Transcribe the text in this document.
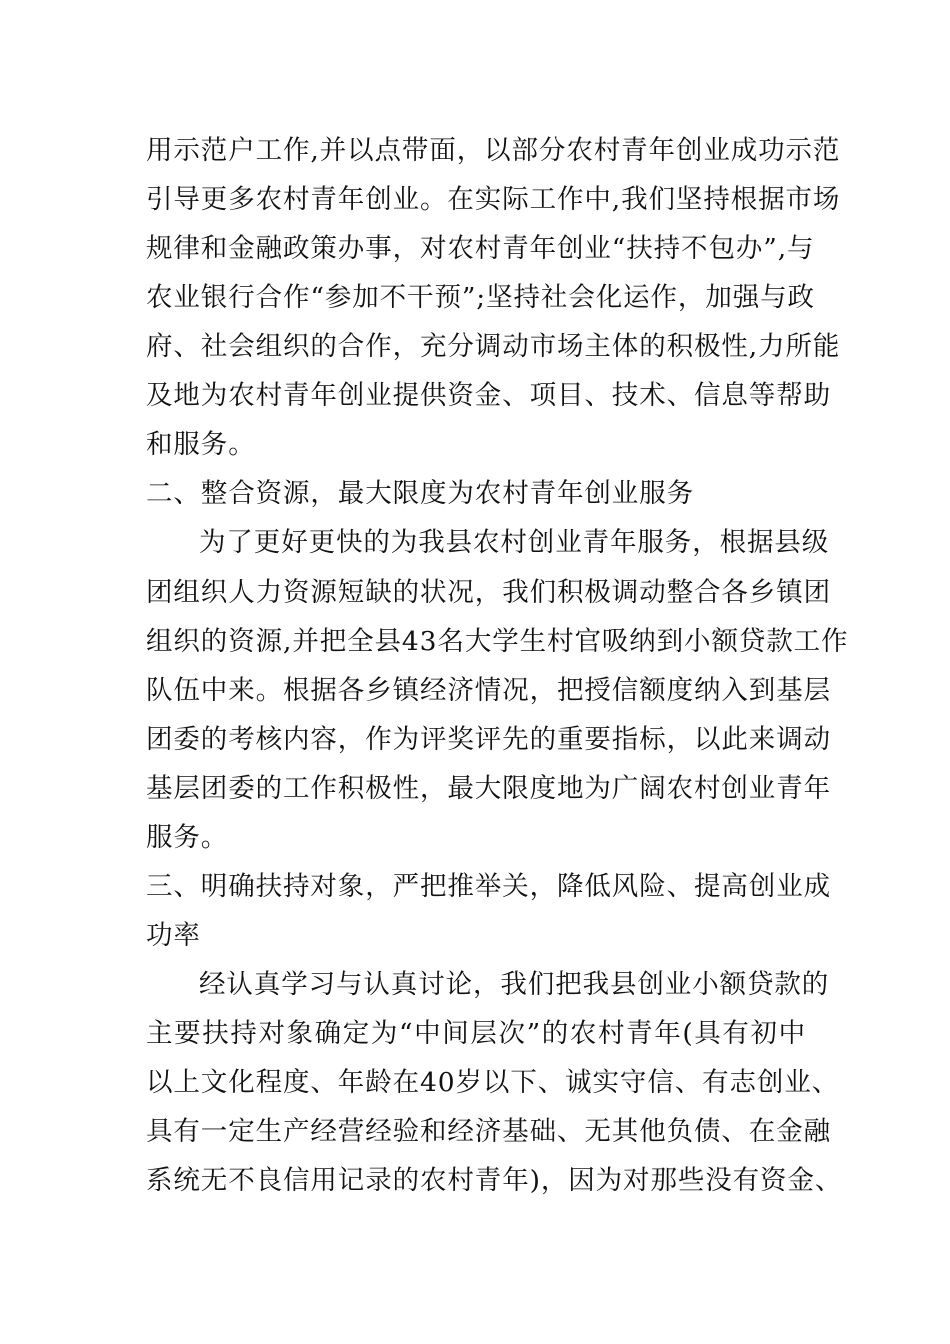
用示范户工作,并以点带面，以部分农村青年创业成功示范
引导更多农村青年创业。在实际工作中,我们坚持根据市场
规律和金融政策办事，对农村青年创业“扶持不包办”,与
农业银行合作“参加不干预”;坚持社会化运作，加强与政
府、社会组织的合作，充分调动市场主体的积极性,力所能
及地为农村青年创业提供资金、项目、技术、信息等帮助
和服务。
二、整合资源，最大限度为农村青年创业服务
为了更好更快的为我县农村创业青年服务，根据县级
团组织人力资源短缺的状况，我们积极调动整合各乡镇团
组织的资源,并把全县43名大学生村官吸纳到小额贷款工作
队伍中来。根据各乡镇经济情况，把授信额度纳入到基层
团委的考核内容，作为评奖评先的重要指标，以此来调动
基层团委的工作积极性，最大限度地为广阔农村创业青年
服务。
三、明确扶持对象，严把推举关，降低风险、提高创业成
功率
经认真学习与认真讨论，我们把我县创业小额贷款的
主要扶持对象确定为“中间层次”的农村青年(具有初中
以上文化程度、年龄在40岁以下、诚实守信、有志创业、
具有一定生产经营经验和经济基础、无其他负债、在金融
系统无不良信用记录的农村青年)，因为对那些没有资金、
